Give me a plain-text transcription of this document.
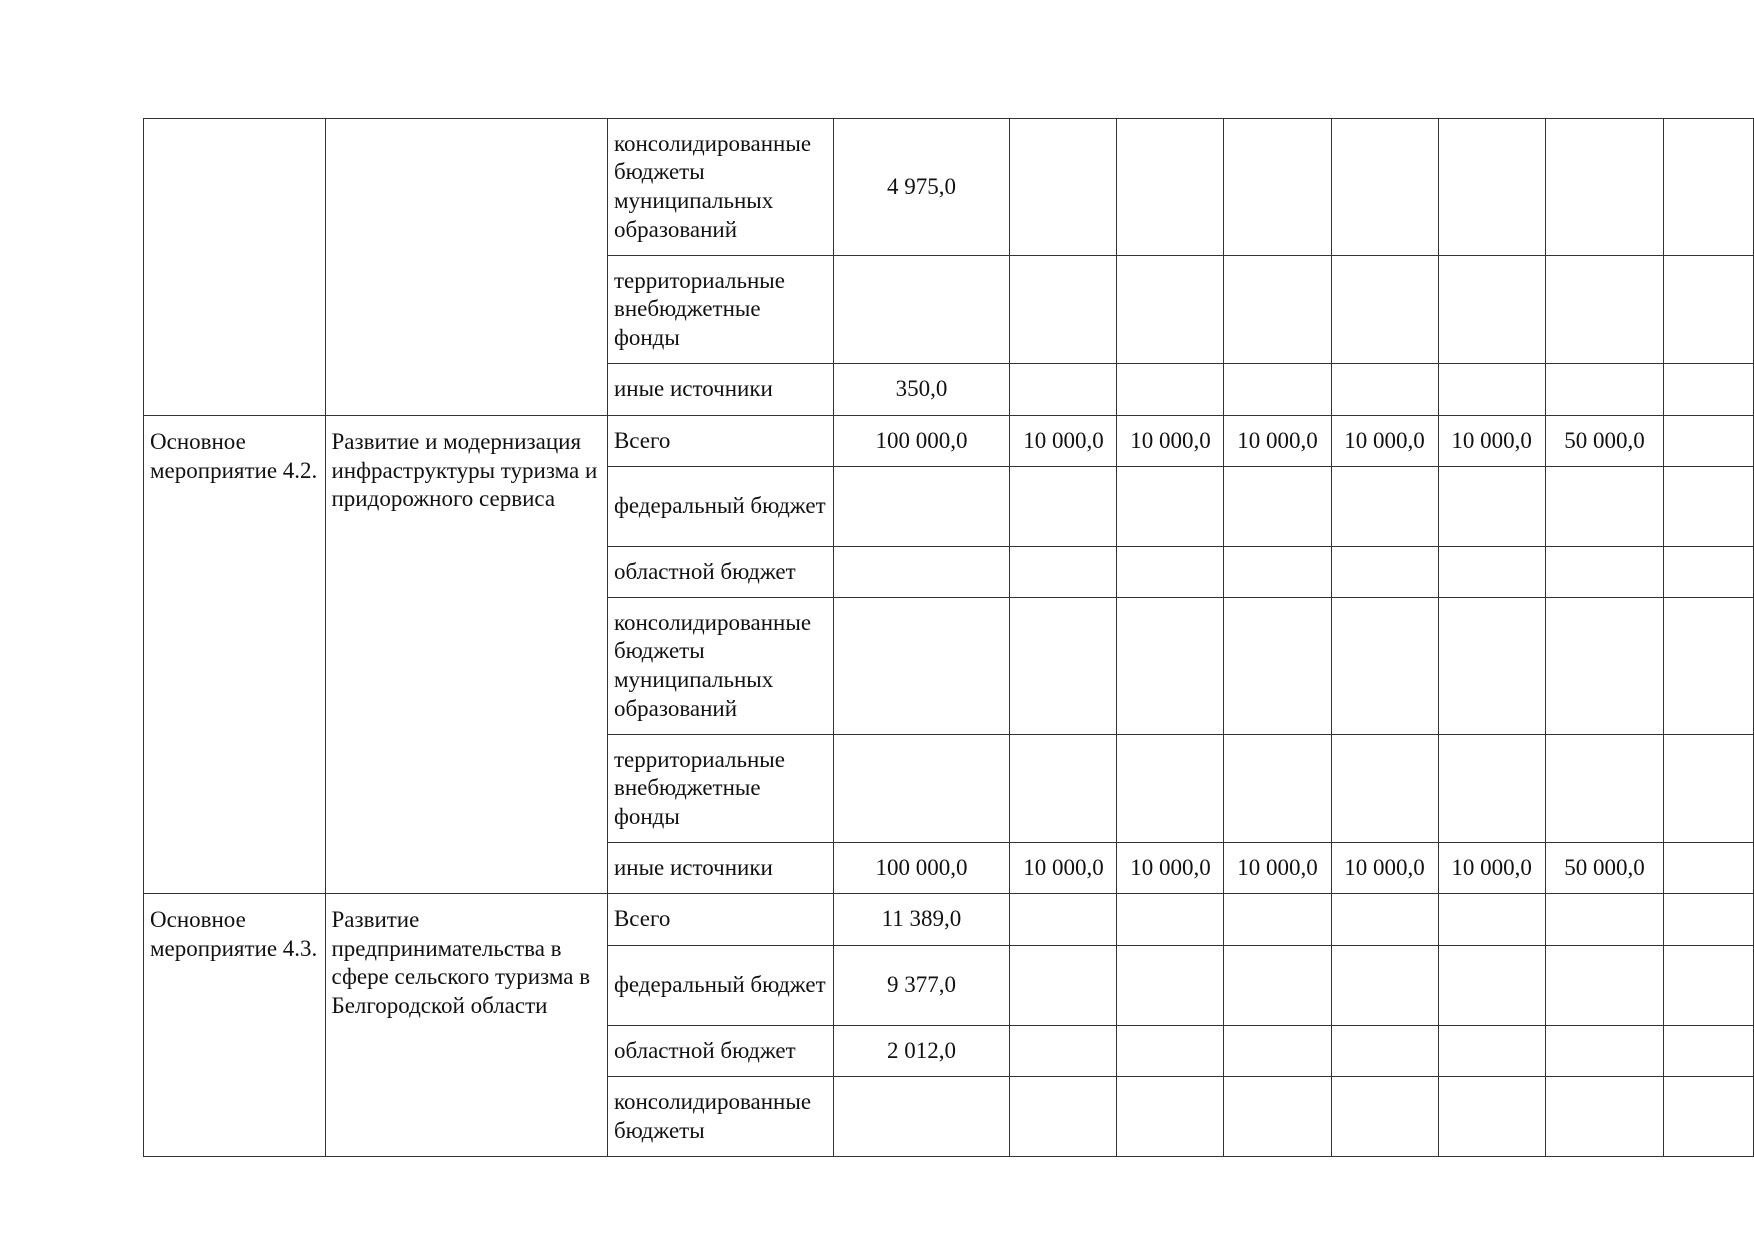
		консолидированные бюджеты муниципальных образований	4 975,0							
		территориальные внебюджетные фонды								
		иные источники	350,0							
Основное мероприятие 4.2.	Развитие и модернизация инфраструктуры туризма и придорожного сервиса	Всего	100 000,0	10 000,0	10 000,0	10 000,0	10 000,0	10 000,0	50 000,0	
		федеральный бюджет								
		областной бюджет								
		консолидированные бюджеты муниципальных образований								
		территориальные внебюджетные фонды								
		иные источники	100 000,0	10 000,0	10 000,0	10 000,0	10 000,0	10 000,0	50 000,0	
Основное мероприятие 4.3.	Развитие предпринимательства в сфере сельского туризма в Белгородской области	Всего	11 389,0							
		федеральный бюджет	9 377,0							
		областной бюджет	2 012,0							
		консолидированные бюджеты								
